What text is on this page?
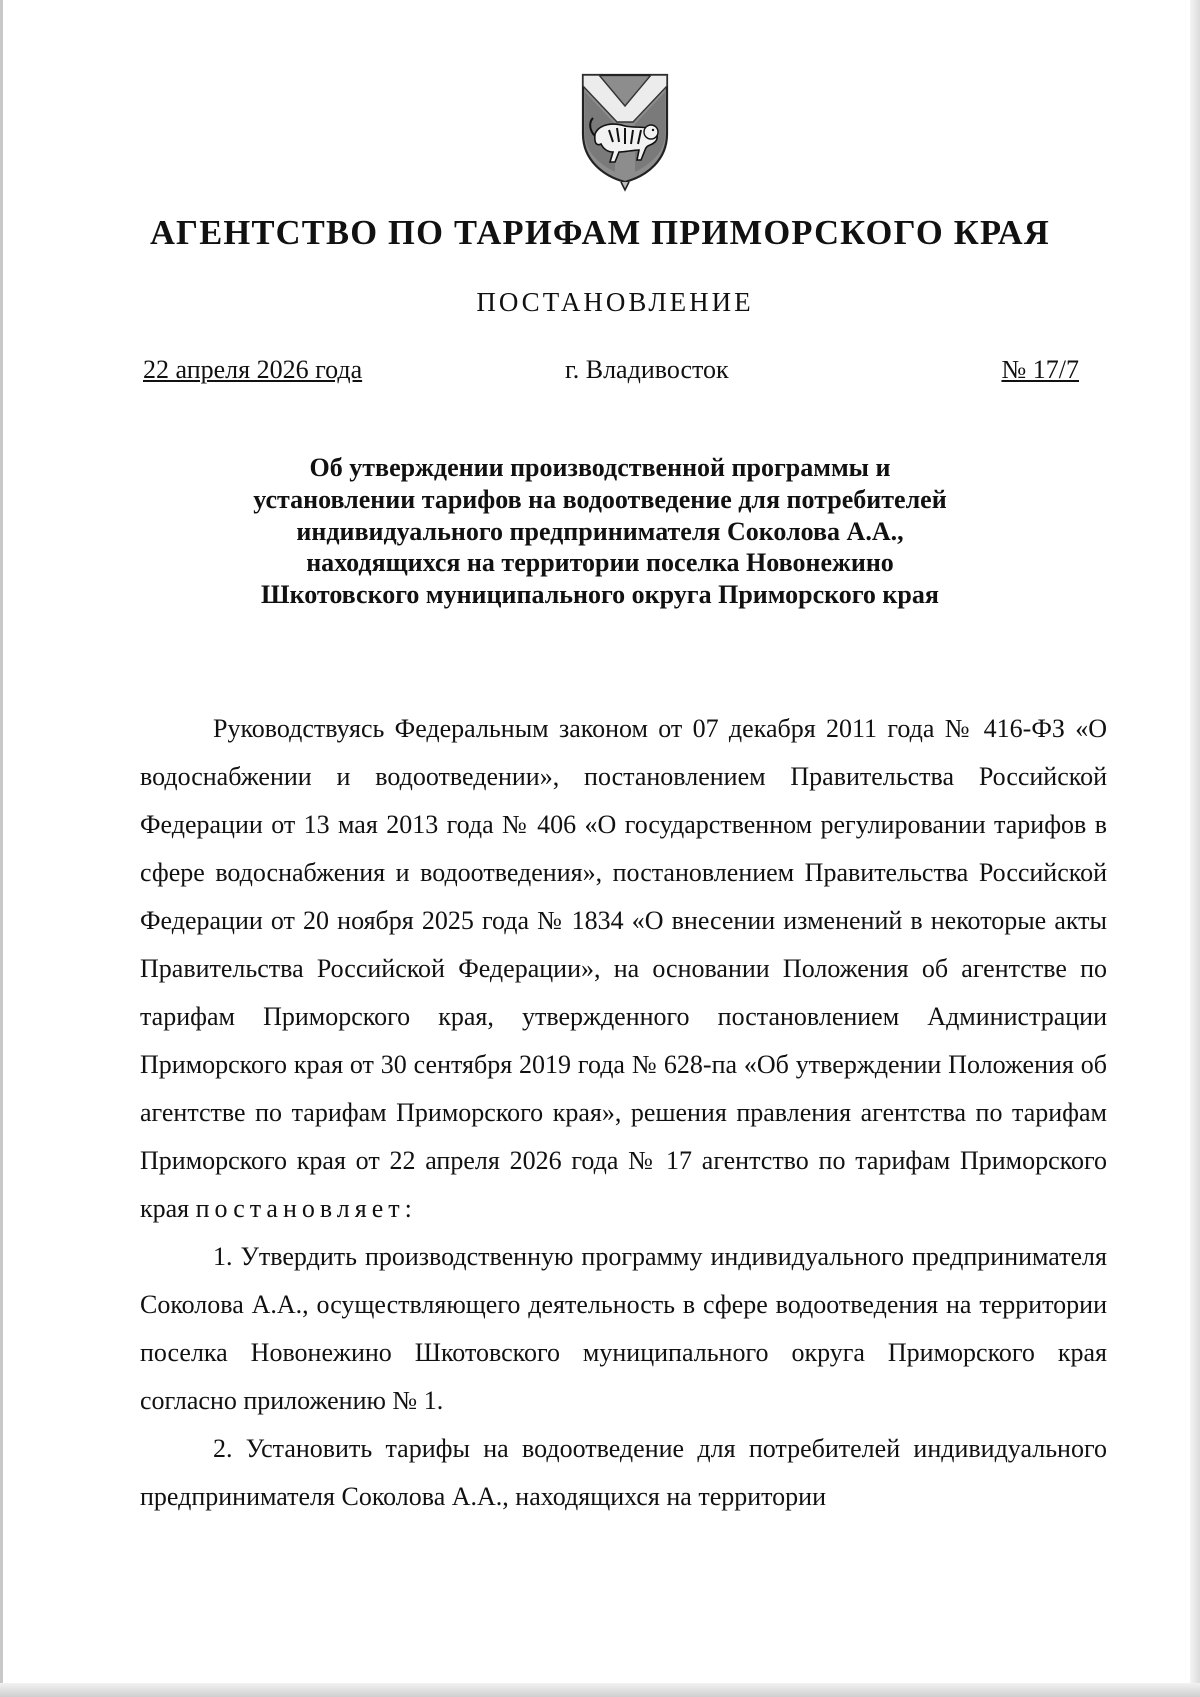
АГЕНТСТВО ПО ТАРИФАМ ПРИМОРСКОГО КРАЯ
ПОСТАНОВЛЕНИЕ
22 апреля 2026 года	г. Владивосток	№ 17/7

Об утверждении производственной программы и установлении тарифов на водоотведение для потребителей индивидуального предпринимателя Соколова А.А., находящихся на территории поселка Новонежино Шкотовского муниципального округа Приморского края

Руководствуясь Федеральным законом от 07 декабря 2011 года № 416-ФЗ «О водоснабжении и водоотведении», постановлением Правительства Российской Федерации от 13 мая 2013 года № 406 «О государственном регулировании тарифов в сфере водоснабжения и водоотведения», постановлением Правительства Российской Федерации от 20 ноября 2025 года № 1834 «О внесении изменений в некоторые акты Правительства Российской Федерации», на основании Положения об агентстве по тарифам Приморского края, утвержденного постановлением Администрации Приморского края от 30 сентября 2019 года № 628-па «Об утверждении Положения об агентстве по тарифам Приморского края», решения правления агентства по тарифам Приморского края от 22 апреля 2026 года № 17 агентство по тарифам Приморского края постановляет:

1. Утвердить производственную программу индивидуального предпринимателя Соколова А.А., осуществляющего деятельность в сфере водоотведения на территории поселка Новонежино Шкотовского муниципального округа Приморского края согласно приложению № 1.

2. Установить тарифы на водоотведение для потребителей индивидуального предпринимателя Соколова А.А., находящихся на территории
